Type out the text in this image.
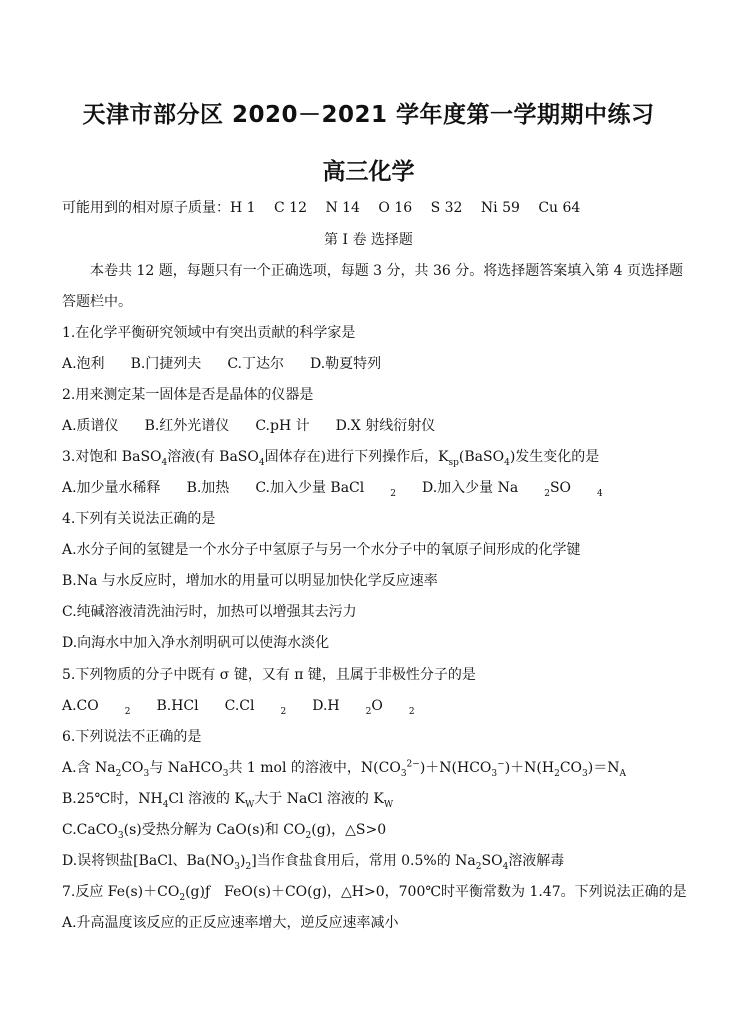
天津市部分区 2020－2021 学年度第一学期期中练习
高三化学
可能用到的相对原子质量：H 1　 C 12　 N 14　 O 16　 S 32　 Ni 59　 Cu 64
第 I 卷 选择题
本卷共 12 题，每题只有一个正确选项，每题 3 分，共 36 分。将选择题答案填入第 4 页选择题
答题栏中。
1.在化学平衡研究领域中有突出贡献的科学家是
A.泡利 B.门捷列夫 C.丁达尔 D.勒夏特列
2.用来测定某一固体是否是晶体的仪器是
A.质谱仪 B.红外光谱仪 C.pH 计 D.X 射线衍射仪
3.对饱和 BaSO$_4$溶液(有 BaSO$_4$固体存在)进行下列操作后，$K_{sp}(BaSO_4)$发生变化的是
A.加少量水稀释 B.加热 C.加入少量 BaCl	$_2$ D.加入少量 Na	$_2$SO	$_4$
4.下列有关说法正确的是
A.水分子间的氢键是一个水分子中氢原子与另一个水分子中的氧原子间形成的化学键
B.Na 与水反应时，增加水的用量可以明显加快化学反应速率
C.纯碱溶液清洗油污时，加热可以增强其去污力
D.向海水中加入净水剂明矾可以使海水淡化
5.下列物质的分子中既有 σ 键，又有 π 键，且属于非极性分子的是
A.CO	$_2$ B.HCl C.Cl	$_2$ D.H	$_2$O	$_2$
6.下列说法不正确的是
A.含 $Na_2CO_3$与 NaHCO$_3$共 1 mol 的溶液中，$N(CO_3^{2-})+N(HCO_3^-)+N(H_2CO_3)=N_A$
B.25℃时，$NH_4Cl$ 溶液的 $K_W$大于 NaCl 溶液的 $K_W$
C.CaCO$_3$(s)受热分解为 CaO(s)和 $CO_2(g)$，△S>0
D.误将钡盐[BaCl、$Ba(NO_3)_2$]当作食盐食用后，常用 0.5%的 $Na_2SO_4$溶液解毒
7.反应 $Fe(s)+CO_2(g)ƒ$　FeO(s)＋CO(g)，△H>0，700℃时平衡常数为 1.47。下列说法正确的是
A.升高温度该反应的正反应速率增大，逆反应速率减小
